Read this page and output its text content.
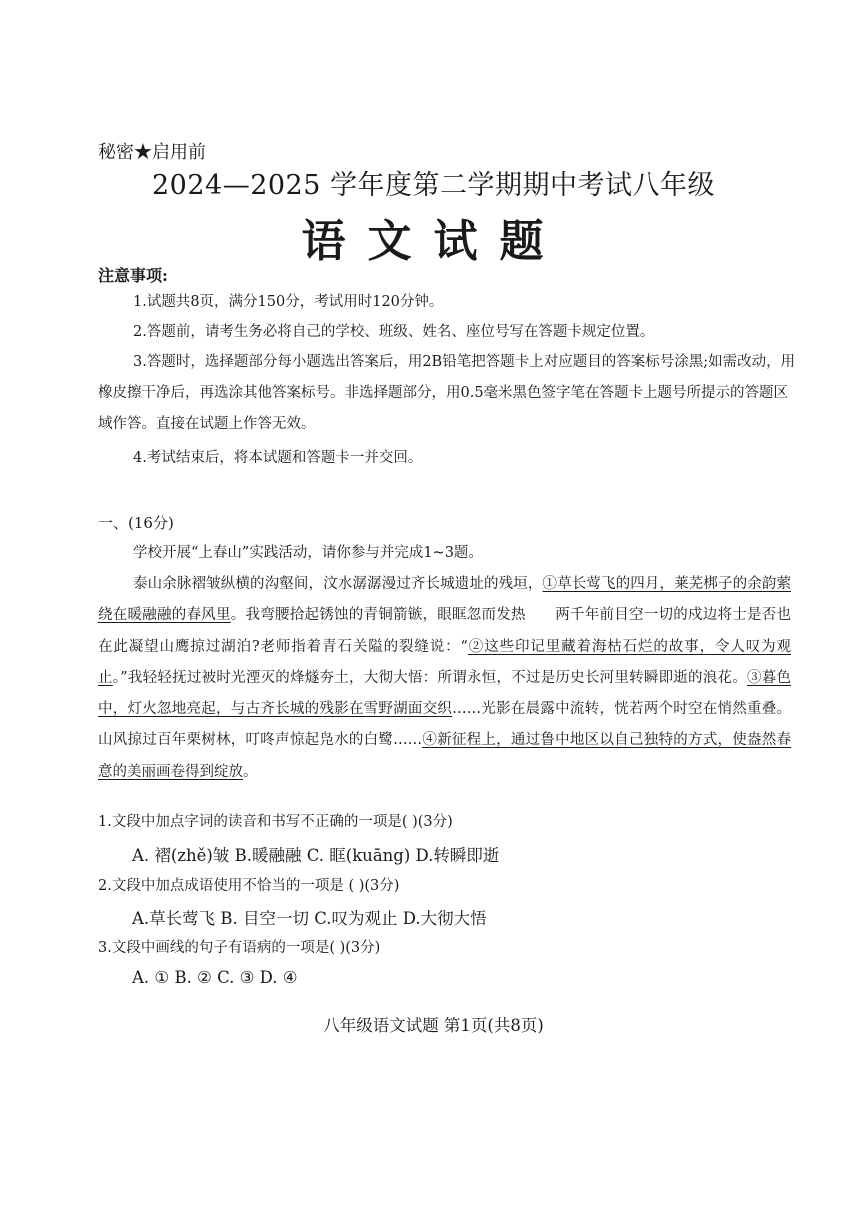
秘密★启用前
2024—2025 学年度第二学期期中考试八年级
语文试题
注意事项:
1.试题共8页，满分150分，考试用时120分钟。
2.答题前，请考生务必将自己的学校、班级、姓名、座位号写在答题卡规定位置。
3.答题时，选择题部分每小题选出答案后，用2B铅笔把答题卡上对应题目的答案标号涂黑;如需改动，用橡皮擦干净后，再选涂其他答案标号。非选择题部分，用0.5毫米黑色签字笔在答题卡上题号所提示的答题区域作答。直接在试题上作答无效。
4.考试结束后，将本试题和答题卡一并交回。
一、(16分)
学校开展“上春山”实践活动，请你参与并完成1~3题。
泰山余脉褶皱纵横的沟壑间，汶水潺潺漫过齐长城遗址的残垣，①草长莺飞的四月，莱芜梆子的余韵萦绕在暖融融的春风里。我弯腰拾起锈蚀的青铜箭镞，眼眶忽而发热　　两千年前目空一切的戍边将士是否也在此凝望山鹰掠过湖泊?老师指着青石关隘的裂缝说：“②这些印记里藏着海枯石烂的故事，令人叹为观止。”我轻轻抚过被时光湮灭的烽燧夯土，大彻大悟：所谓永恒，不过是历史长河里转瞬即逝的浪花。③暮色中，灯火忽地亮起，与古齐长城的残影在雪野湖面交织……光影在晨露中流转，恍若两个时空在悄然重叠。山风掠过百年栗树林，叮咚声惊起凫水的白鹭……④新征程上，通过鲁中地区以自己独特的方式，使盎然春意的美丽画卷得到绽放。
1.文段中加点字词的读音和书写不正确的一项是( )(3分)
A. 褶(zhě)皱 B.暖融融 C. 眶(kuāng) D.转瞬即逝
2.文段中加点成语使用不恰当的一项是 ( )(3分)
A.草长莺飞 B. 目空一切 C.叹为观止 D.大彻大悟
3.文段中画线的句子有语病的一项是( )(3分)
A. ① B. ② C. ③ D. ④
八年级语文试题 第1页(共8页)
